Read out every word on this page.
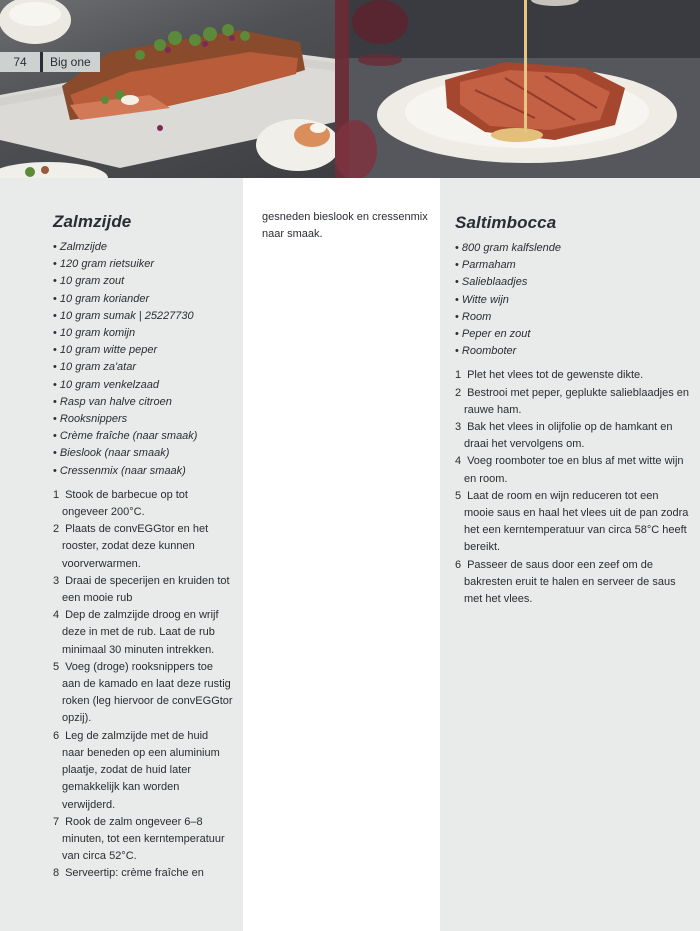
74	Big one
Zalmzijde
• Zalmzijde
• 120 gram rietsuiker
• 10 gram zout
• 10 gram koriander
• 10 gram sumak | 25227730
• 10 gram komijn
• 10 gram witte peper
• 10 gram za'atar
• 10 gram venkelzaad
• Rasp van halve citroen
• Rooksnippers
• Crème fraîche (naar smaak)
• Bieslook (naar smaak)
• Cressenmix (naar smaak)
1 Stook de barbecue op tot ongeveer 200°C.
2 Plaats de convEGGtor en het rooster, zodat deze kunnen voorverwarmen.
3 Draai de specerijen en kruiden tot een mooie rub
4 Dep de zalmzijde droog en wrijf deze in met de rub. Laat de rub minimaal 30 minuten intrekken.
5 Voeg (droge) rooksnippers toe aan de kamado en laat deze rustig roken (leg hiervoor de convEGGtor opzij).
6 Leg de zalmzijde met de huid naar beneden op een aluminium plaatje, zodat de huid later gemakkelijk kan worden verwijderd.
7 Rook de zalm ongeveer 6–8 minuten, tot een kerntemperatuur van circa 52°C.
8 Serveertip: crème fraîche en

gesneden bieslook en cressenmix naar smaak.

Saltimbocca
• 800 gram kalfslende
• Parmaham
• Salieblaadjes
• Witte wijn
• Room
• Peper en zout
• Roomboter
1 Plet het vlees tot de gewenste dikte.
2 Bestrooi met peper, geplukte salieblaadjes en rauwe ham.
3 Bak het vlees in olijfolie op de hamkant en draai het vervolgens om.
4 Voeg roomboter toe en blus af met witte wijn en room.
5 Laat de room en wijn reduceren tot een mooie saus en haal het vlees uit de pan zodra het een kerntemperatuur van circa 58°C heeft bereikt.
6 Passeer de saus door een zeef om de bakresten eruit te halen en serveer de saus met het vlees.
